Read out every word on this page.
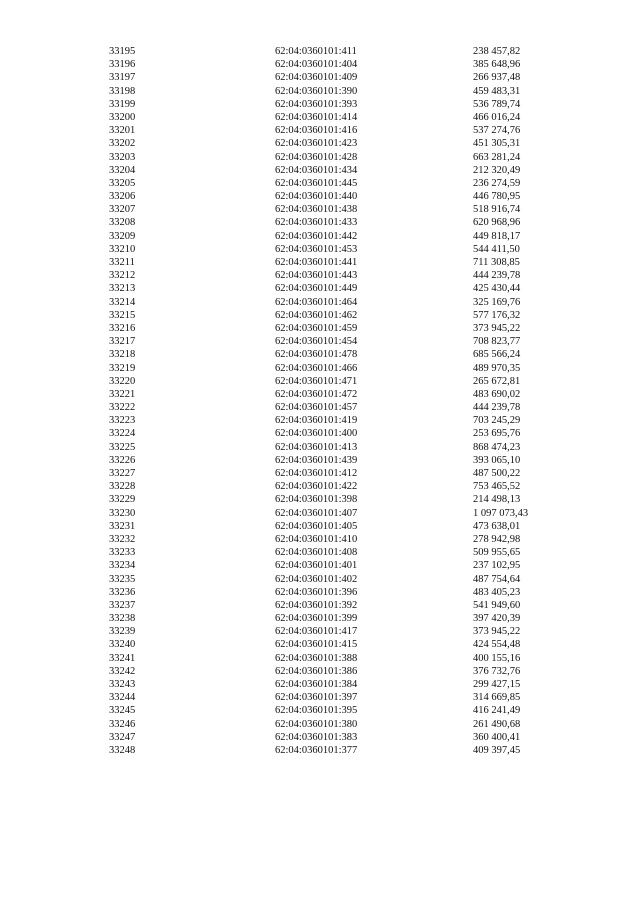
33195	62:04:0360101:411	238 457,82
33196	62:04:0360101:404	385 648,96
33197	62:04:0360101:409	266 937,48
33198	62:04:0360101:390	459 483,31
33199	62:04:0360101:393	536 789,74
33200	62:04:0360101:414	466 016,24
33201	62:04:0360101:416	537 274,76
33202	62:04:0360101:423	451 305,31
33203	62:04:0360101:428	663 281,24
33204	62:04:0360101:434	212 320,49
33205	62:04:0360101:445	236 274,59
33206	62:04:0360101:440	446 780,95
33207	62:04:0360101:438	518 916,74
33208	62:04:0360101:433	620 968,96
33209	62:04:0360101:442	449 818,17
33210	62:04:0360101:453	544 411,50
33211	62:04:0360101:441	711 308,85
33212	62:04:0360101:443	444 239,78
33213	62:04:0360101:449	425 430,44
33214	62:04:0360101:464	325 169,76
33215	62:04:0360101:462	577 176,32
33216	62:04:0360101:459	373 945,22
33217	62:04:0360101:454	708 823,77
33218	62:04:0360101:478	685 566,24
33219	62:04:0360101:466	489 970,35
33220	62:04:0360101:471	265 672,81
33221	62:04:0360101:472	483 690,02
33222	62:04:0360101:457	444 239,78
33223	62:04:0360101:419	703 245,29
33224	62:04:0360101:400	253 695,76
33225	62:04:0360101:413	868 474,23
33226	62:04:0360101:439	393 065,10
33227	62:04:0360101:412	487 500,22
33228	62:04:0360101:422	753 465,52
33229	62:04:0360101:398	214 498,13
33230	62:04:0360101:407	1 097 073,43
33231	62:04:0360101:405	473 638,01
33232	62:04:0360101:410	278 942,98
33233	62:04:0360101:408	509 955,65
33234	62:04:0360101:401	237 102,95
33235	62:04:0360101:402	487 754,64
33236	62:04:0360101:396	483 405,23
33237	62:04:0360101:392	541 949,60
33238	62:04:0360101:399	397 420,39
33239	62:04:0360101:417	373 945,22
33240	62:04:0360101:415	424 554,48
33241	62:04:0360101:388	400 155,16
33242	62:04:0360101:386	376 732,76
33243	62:04:0360101:384	299 427,15
33244	62:04:0360101:397	314 669,85
33245	62:04:0360101:395	416 241,49
33246	62:04:0360101:380	261 490,68
33247	62:04:0360101:383	360 400,41
33248	62:04:0360101:377	409 397,45
